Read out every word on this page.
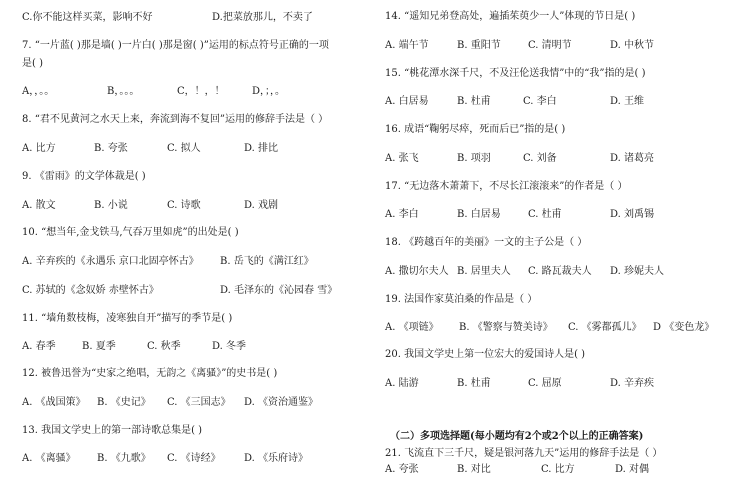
C.你不能这样买菜，影响不好	D.把菜放那儿，不卖了
7. “一片蓝( )那是墙( )一片白( )那是窗( )”运用的标点符号正确的一项
是( )
A，，。。	B，。。。	C，！，！	D，；，。
8. “君不见黄河之水天上来，奔流到海不复回”运用的修辞手法是（ ）
A. 比方	B. 夸张	C. 拟人	D. 排比
9. 《雷雨》的文学体裁是( )
A. 散文	B. 小说	C. 诗歌	D. 戏剧
10. “想当年,金戈铁马,气吞万里如虎”的出处是( )
A. 辛弃疾的《永遇乐 京口北固亭怀古》 B. 岳飞的《满江红》
C. 苏轼的《念奴娇 赤壁怀古》	D. 毛泽东的《沁园春 雪》
11. “墙角数枝梅，凌寒独自开”描写的季节是( )
A. 春季	B. 夏季	C. 秋季	D. 冬季
12. 被鲁迅誉为“史家之绝唱，无韵之《离骚》”的史书是( )
A. 《战国策》 B. 《史记》 C. 《三国志》 D. 《资治通鉴》
13. 我国文学史上的第一部诗歌总集是( )
A. 《离骚》 B. 《九歌》 C. 《诗经》 D. 《乐府诗》
14. “遥知兄弟登高处，遍插茱萸少一人”体现的节日是( )
A. 端午节	B. 重阳节	C. 清明节	D. 中秋节
15. “桃花潭水深千尺，不及汪伦送我情”中的“我”指的是( )
A. 白居易	B. 杜甫	C. 李白	D. 王维
16. 成语“鞠躬尽瘁，死而后已”指的是( )
A. 张飞	B. 项羽	C. 刘备	D. 诸葛亮
17. “无边落木萧萧下，不尽长江滚滚来”的作者是（ ）
A. 李白	B. 白居易	C. 杜甫	D. 刘禹锡
18. 《跨越百年的美丽》一文的主子公是（ ）
A. 撒切尔夫人 B. 居里夫人 C. 路瓦裁夫人 D. 珍妮夫人
19. 法国作家莫泊桑的作品是（ ）
A. 《项链》 B. 《警察与赞美诗》 C. 《雾都孤儿》 D 《变色龙》
20. 我国文学史上第一位宏大的爱国诗人是( )
A. 陆游	B. 杜甫	C. 屈原	D. 辛弃疾
（二）多项选择题(每小题均有2个或2个以上的正确答案)
21. 飞流直下三千尺，疑是银河落九天”运用的修辞手法是（ ）
A. 夸张	B. 对比	C. 比方	D. 对偶
